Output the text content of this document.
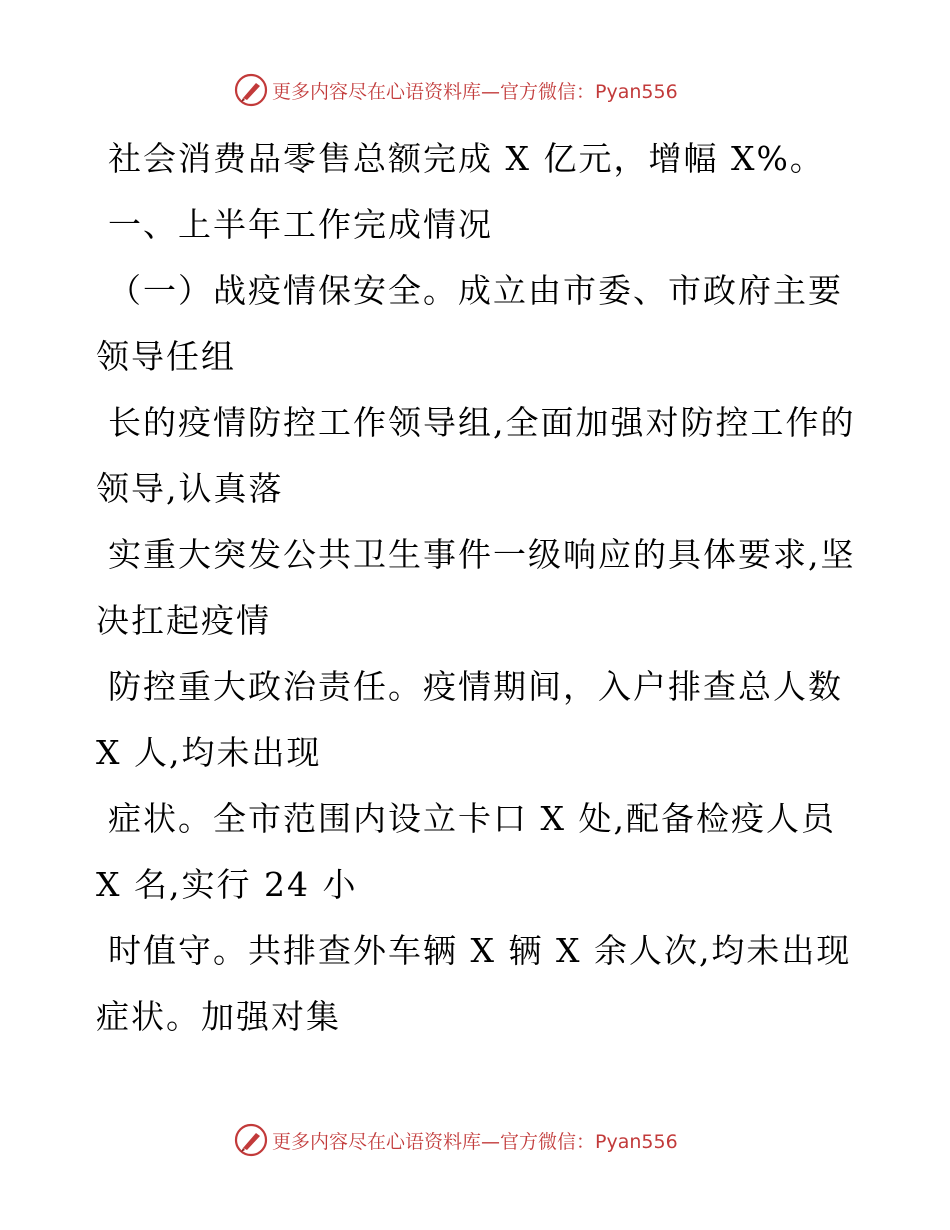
更多内容尽在心语资料库—官方微信：Pyan556
社会消费品零售总额完成 X 亿元，增幅 X%。
一、上半年工作完成情况
（一）战疫情保安全。成立由市委、市政府主要
领导任组
长的疫情防控工作领导组,全面加强对防控工作的
领导,认真落
实重大突发公共卫生事件一级响应的具体要求,坚
决扛起疫情
防控重大政治责任。疫情期间，入户排查总人数
X 人,均未出现
症状。全市范围内设立卡口 X 处,配备检疫人员
X 名,实行 24 小
时值守。共排查外车辆 X 辆 X 余人次,均未出现
症状。加强对集
更多内容尽在心语资料库—官方微信：Pyan556
